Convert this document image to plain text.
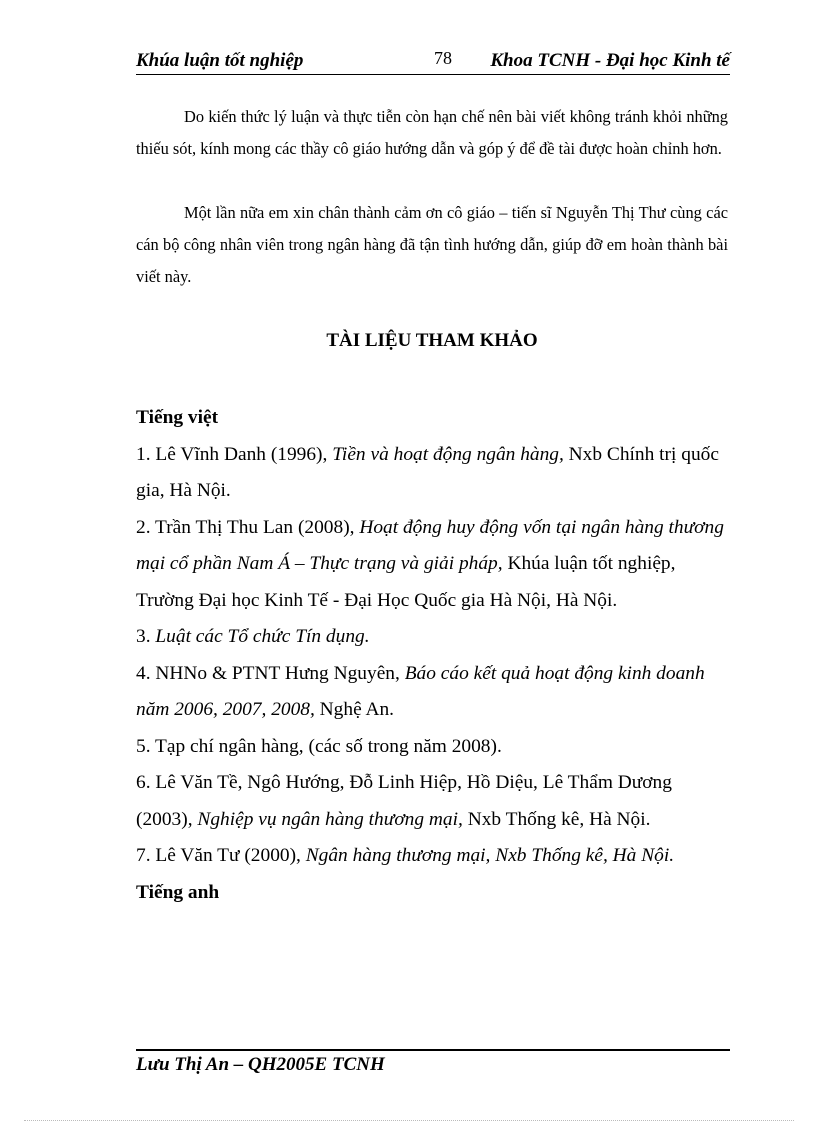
Khúa luận tốt nghiệp	78 Khoa TCNH - Đại học Kinh tế
Do kiến thức lý luận và thực tiễn còn hạn chế nên bài viết không tránh khỏi những thiếu sót, kính mong các thầy cô giáo hướng dẫn và góp ý để đề tài được hoàn chỉnh hơn.
Một lần nữa em xin chân thành cảm ơn cô giáo – tiến sĩ Nguyễn Thị Thư cùng các cán bộ công nhân viên trong ngân hàng đã tận tình hướng dẫn, giúp đỡ em hoàn thành bài viết này.
TÀI LIỆU THAM KHẢO
Tiếng việt
1. Lê Vĩnh Danh (1996), Tiền và hoạt động ngân hàng, Nxb Chính trị quốc gia, Hà Nội.
2. Trần Thị Thu Lan (2008), Hoạt động huy động vốn tại ngân hàng thương mại cổ phần Nam Á – Thực trạng và giải pháp, Khúa luận tốt nghiệp, Trường Đại học Kinh Tế - Đại Học Quốc gia Hà Nội, Hà Nội.
3. Luật các Tổ chức Tín dụng.
4. NHNo & PTNT Hưng Nguyên, Báo cáo kết quả hoạt động kinh doanh năm 2006, 2007, 2008, Nghệ An.
5. Tạp chí ngân hàng, (các số trong năm 2008).
6. Lê Văn Tề, Ngô Hướng, Đỗ Linh Hiệp, Hồ Diệu, Lê Thẩm Dương (2003), Nghiệp vụ ngân hàng thương mại, Nxb Thống kê, Hà Nội.
7. Lê Văn Tư (2000), Ngân hàng thương mại, Nxb Thống kê, Hà Nội.
Tiếng anh
Lưu Thị An – QH2005E TCNH
